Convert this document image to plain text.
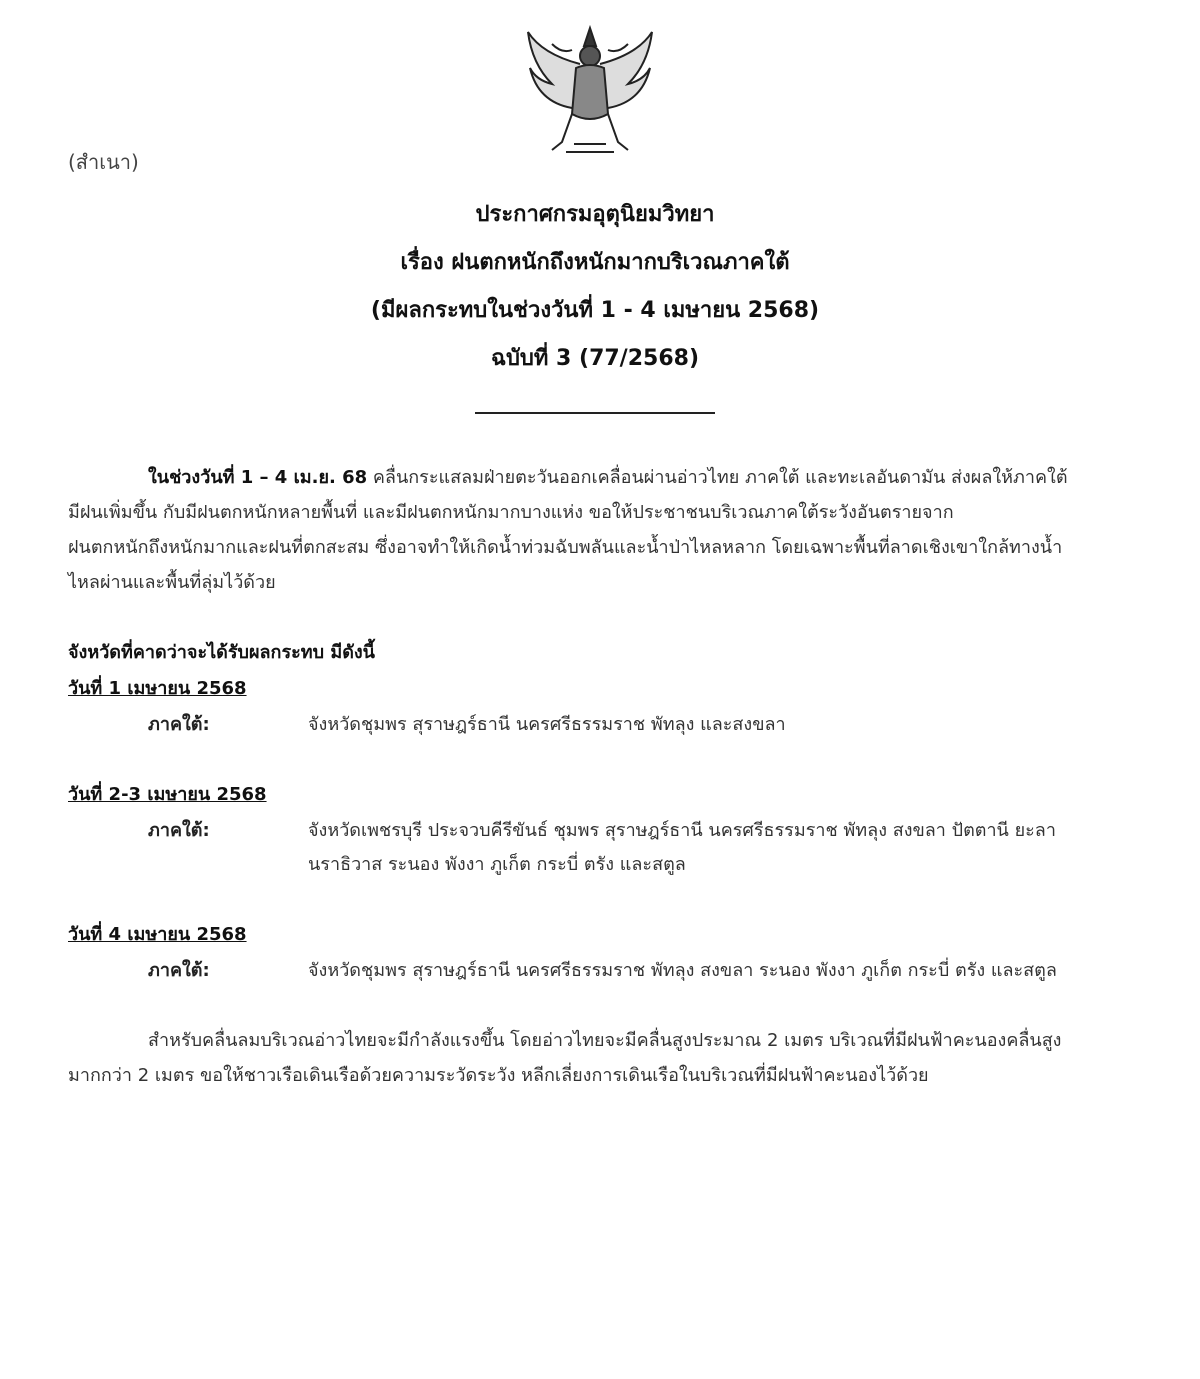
(สำเนา)
ประกาศกรมอุตุนิยมวิทยา
เรื่อง ฝนตกหนักถึงหนักมากบริเวณภาคใต้
(มีผลกระทบในช่วงวันที่ 1 - 4 เมษายน 2568)
ฉบับที่ 3 (77/2568)
ในช่วงวันที่ 1 – 4 เม.ย. 68 คลื่นกระแสลมฝ่ายตะวันออกเคลื่อนผ่านอ่าวไทย ภาคใต้ และทะเลอันดามัน ส่งผลให้ภาคใต้
มีฝนเพิ่มขึ้น กับมีฝนตกหนักหลายพื้นที่ และมีฝนตกหนักมากบางแห่ง ขอให้ประชาชนบริเวณภาคใต้ระวังอันตรายจาก
ฝนตกหนักถึงหนักมากและฝนที่ตกสะสม ซึ่งอาจทำให้เกิดน้ำท่วมฉับพลันและน้ำป่าไหลหลาก โดยเฉพาะพื้นที่ลาดเชิงเขาใกล้ทางน้ำ
ไหลผ่านและพื้นที่ลุ่มไว้ด้วย
จังหวัดที่คาดว่าจะได้รับผลกระทบ มีดังนี้
วันที่ 1 เมษายน 2568
ภาคใต้:	จังหวัดชุมพร สุราษฎร์ธานี นครศรีธรรมราช พัทลุง และสงขลา
วันที่ 2-3 เมษายน 2568
ภาคใต้:	จังหวัดเพชรบุรี ประจวบคีรีขันธ์ ชุมพร สุราษฎร์ธานี นครศรีธรรมราช พัทลุง สงขลา ปัตตานี ยะลา
นราธิวาส ระนอง พังงา ภูเก็ต กระบี่ ตรัง และสตูล
วันที่ 4 เมษายน 2568
ภาคใต้:	จังหวัดชุมพร สุราษฎร์ธานี นครศรีธรรมราช พัทลุง สงขลา ระนอง พังงา ภูเก็ต กระบี่ ตรัง และสตูล
สำหรับคลื่นลมบริเวณอ่าวไทยจะมีกำลังแรงขึ้น โดยอ่าวไทยจะมีคลื่นสูงประมาณ 2 เมตร บริเวณที่มีฝนฟ้าคะนองคลื่นสูง
มากกว่า 2 เมตร ขอให้ชาวเรือเดินเรือด้วยความระวัดระวัง หลีกเลี่ยงการเดินเรือในบริเวณที่มีฝนฟ้าคะนองไว้ด้วย
